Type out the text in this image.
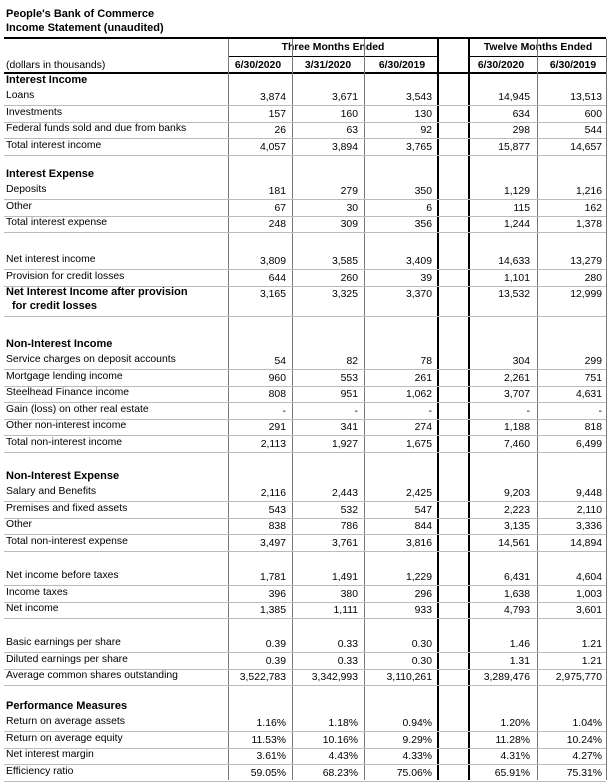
People's Bank of Commerce
Income Statement (unaudited)
Three Months Ended	Twelve Months Ended
(dollars in thousands)	6/30/2020	3/31/2020	6/30/2019	6/30/2020	6/30/2019
Interest Income
Loans	3,874	3,671	3,543	14,945	13,513
Investments	157	160	130	634	600
Federal funds sold and due from banks	26	63	92	298	544
Total interest income	4,057	3,894	3,765	15,877	14,657
Interest Expense
Deposits	181	279	350	1,129	1,216
Other	67	30	6	115	162
Total interest expense	248	309	356	1,244	1,378
Net interest income	3,809	3,585	3,409	14,633	13,279
Provision for credit losses	644	260	39	1,101	280
Net Interest Income after provision	3,165	3,325	3,370	13,532	12,999
for credit losses
Non-Interest Income
Service charges on deposit accounts	54	82	78	304	299
Mortgage lending income	960	553	261	2,261	751
Steelhead Finance income	808	951	1,062	3,707	4,631
Gain (loss) on other real estate	-	-	-	-	-
Other non-interest income	291	341	274	1,188	818
Total non-interest income	2,113	1,927	1,675	7,460	6,499
Non-Interest Expense
Salary and Benefits	2,116	2,443	2,425	9,203	9,448
Premises and fixed assets	543	532	547	2,223	2,110
Other	838	786	844	3,135	3,336
Total non-interest expense	3,497	3,761	3,816	14,561	14,894
Net income before taxes	1,781	1,491	1,229	6,431	4,604
Income taxes	396	380	296	1,638	1,003
Net income	1,385	1,111	933	4,793	3,601
Basic earnings per share	0.39	0.33	0.30	1.46	1.21
Diluted earnings per share	0.39	0.33	0.30	1.31	1.21
Average common shares outstanding	3,522,783	3,342,993	3,110,261	3,289,476	2,975,770
Performance Measures
Return on average assets	1.16%	1.18%	0.94%	1.20%	1.04%
Return on average equity	11.53%	10.16%	9.29%	11.28%	10.24%
Net interest margin	3.61%	4.43%	4.33%	4.31%	4.27%
Efficiency ratio	59.05%	68.23%	75.06%	65.91%	75.31%
